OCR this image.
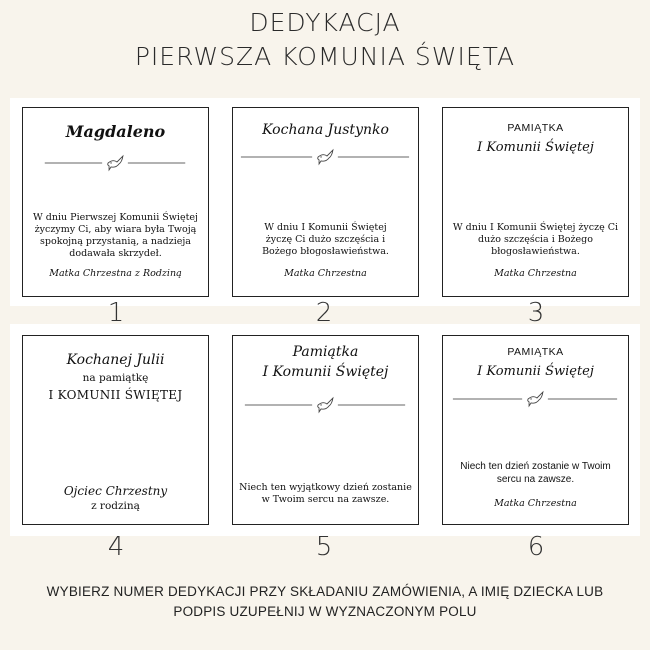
DEDYKACJA
PIERWSZA KOMUNIA ŚWIĘTA
Magdaleno
W dniu Pierwszej Komunii Świętej
życzymy Ci, aby wiara była Twoją
spokojną przystanią, a nadzieja
dodawała skrzydeł.
Matka Chrzestna z Rodziną
1
Kochana Justynko
W dniu I Komunii Świętej
życzę Ci dużo szczęścia i
Bożego błogosławieństwa.
Matka Chrzestna
2
PAMIĄTKA
I Komunii Świętej
W dniu I Komunii Świętej życzę Ci
dużo szczęścia i Bożego
błogosławieństwa.
Matka Chrzestna
3
Kochanej Julii
na pamiątkę
I KOMUNII ŚWIĘTEJ
Ojciec Chrzestny
z rodziną
4
Pamiątka
I Komunii Świętej
Niech ten wyjątkowy dzień zostanie
w Twoim sercu na zawsze.
5
PAMIĄTKA
I Komunii Świętej
Niech ten dzień zostanie w Twoim
sercu na zawsze.
Matka Chrzestna
6
WYBIERZ NUMER DEDYKACJI PRZY SKŁADANIU ZAMÓWIENIA, A IMIĘ DZIECKA LUB
PODPIS UZUPEŁNIJ W WYZNACZONYM POLU
